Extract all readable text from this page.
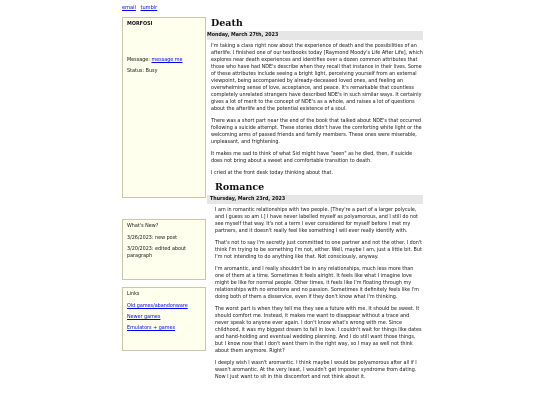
email tumblr
MORFOSI

Message: message me

Status: Busy

What's New?

3/26/2023: new post

3/20/2023: edited about paragraph

Links

Old games/abandonware

Newer games

Emulators + games

Death
Monday, March 27th, 2023

I'm taking a class right now about the experience of death and the possibilities of an afterlife. I finished one of our textbooks today [Raymond Moody's Life After Life], which explores near death experiences and identifies over a dozen common attributes that those who have had NDE's describe when they recall that instance in their lives. Some of these attributes include seeing a bright light, perceiving yourself from an external viewpoint, being accompanied by already-deceased loved ones, and feeling an overwhelming sense of love, acceptance, and peace. It's remarkable that countless completely unrelated strangers have described NDE's in such similar ways. It certainly gives a lot of merit to the concept of NDE's as a whole, and raises a lot of questions about the afterlife and the potential existence of a soul.

There was a short part near the end of the book that talked about NDE's that occurred following a suicide attempt. These stories didn't have the comforting white light or the welcoming arms of passed friends and family members. These ones were miserable, unpleasant, and frightening.

It makes me sad to think of what Sid might have "seen" as he died, then, if suicide does not bring about a sweet and comfortable transition to death.

I cried at the front desk today thinking about that.

Romance
Thursday, March 23rd, 2023

I am in romantic relationships with two people. [They're a part of a larger polycule, and I guess so am I.] I have never labelled myself as polyamorous, and I still do not see myself that way. It's not a term I ever considered for myself before I met my partners, and it doesn't really feel like something I will ever really identify with.

That's not to say I'm secretly just committed to one partner and not the other. I don't think I'm trying to be something I'm not, either. Well, maybe I am, just a little bit. But I'm not intending to do anything like that. Not consciously, anyway.

I'm aromantic, and I really shouldn't be in any relationships, much less more than one of them at a time. Sometimes it feels alright. It feels like what I imagine love might be like for normal people. Other times, it feels like I'm floating through my relationships with no emotions and no passion. Sometimes it definitely feels like I'm doing both of them a disservice, even if they don't know what I'm thinking.

The worst part is when they tell me they see a future with me. It should be sweet. It should comfort me. Instead, it makes me want to disappear without a trace and never speak to anyone ever again. I don't know what's wrong with me. Since childhood, it was my biggest dream to fall in love. I couldn't wait for things like dates and hand-holding and eventual wedding planning. And I do still want those things, but I know now that I don't want them in the right way, so I may as well not think about them anymore. Right?

I deeply wish I wasn't aromantic. I think maybe I would be polyamorous after all if I wasn't aromantic. At the very least, I wouldn't get imposter syndrome from dating. Now I just want to sit in this discomfort and not think about it.
